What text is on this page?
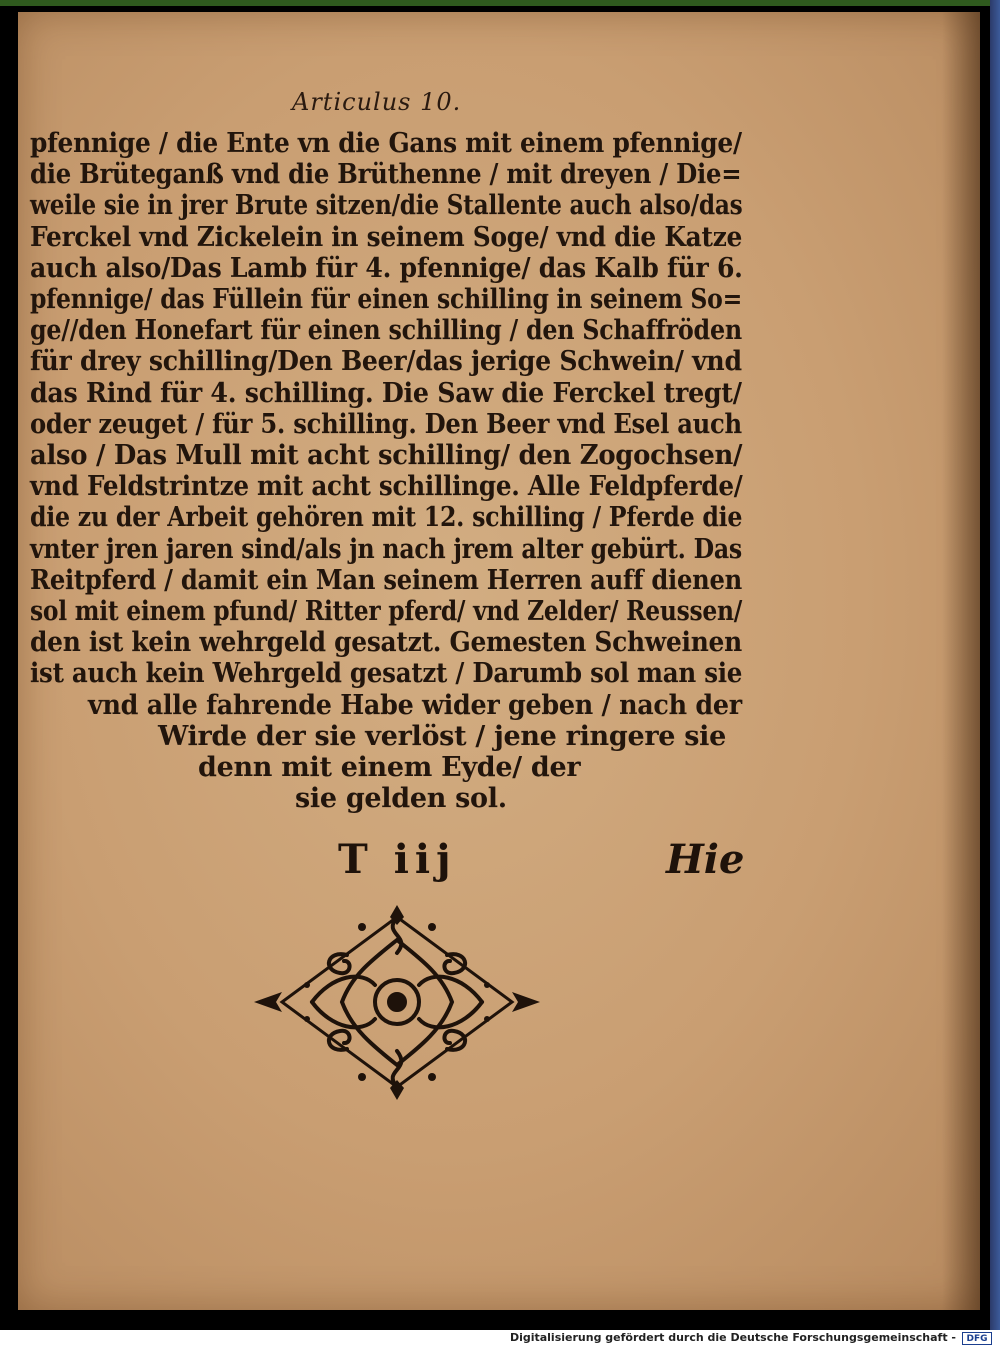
Articulus 10.
pfennige / die Ente vn die Gans mit einem pfennige/
die Brüteganß vnd die Brüthenne / mit dreyen / Die=
weile sie in jrer Brute sitzen/die Stallente auch also/das
Ferckel vnd Zickelein in seinem Soge/ vnd die Katze
auch also/Das Lamb für 4. pfennige/ das Kalb für 6.
pfennige/ das Füllein für einen schilling in seinem So=
ge//den Honefart für einen schilling / den Schaffröden
für drey schilling/Den Beer/das jerige Schwein/ vnd
das Rind für 4. schilling. Die Saw die Ferckel tregt/
oder zeuget / für 5. schilling. Den Beer vnd Esel auch
also / Das Mull mit acht schilling/ den Zogochsen/
vnd Feldstrintze mit acht schillinge. Alle Feldpferde/
die zu der Arbeit gehören mit 12. schilling / Pferde die
vnter jren jaren sind/als jn nach jrem alter gebürt. Das
Reitpferd / damit ein Man seinem Herren auff dienen
sol mit einem pfund/ Ritter pferd/ vnd Zelder/ Reussen/
den ist kein wehrgeld gesatzt. Gemesten Schweinen
ist auch kein Wehrgeld gesatzt / Darumb sol man sie
vnd alle fahrende Habe wider geben / nach der
Wirde der sie verlöst / jene ringere sie
denn mit einem Eyde/ der
sie gelden sol.
T iij	Hie
Digitalisierung gefördert durch die Deutsche Forschungsgemeinschaft -	DFG
